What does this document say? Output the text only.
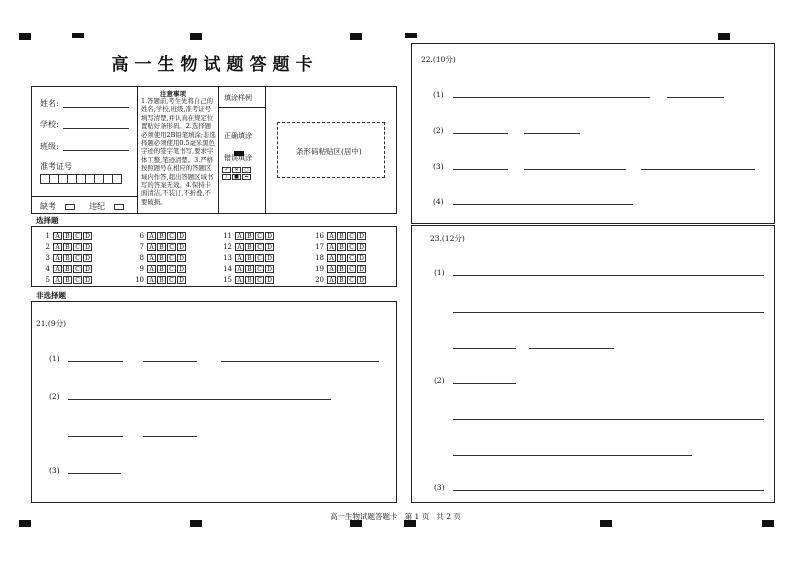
高一生物试题答题卡
姓名:
学校:
班级:
准考证号
缺考	违纪
注意事项
1.答题前,考生先将自己的姓名,学校,班级,准考证号填写清楚,并认真在规定位置贴好条形码。2.选择题必须使用2B铅笔填涂;非选择题必须使用0.5毫米黑色字迹的签字笔书写,要求字体工整,笔迹清楚。3.严格按照题号在相应的答题区域内作答,超出答题区域书写的答案无效。4.保持卡面清洁,不装订,不折叠,不要破损。
填涂样例
正确填涂
错误填涂
✓ ✕ ○
/ ■ ━
条形码粘贴区(居中)
选择题
1 A B C D
2 A B C D
3 A B C D
4 A B C D
5 A B C D
6 A B C D
7 A B C D
8 A B C D
9 A B C D
10 A B C D
11 A B C D
12 A B C D
13 A B C D
14 A B C D
15 A B C D
16 A B C D
17 A B C D
18 A B C D
19 A B C D
20 A B C D
非选择题
21.(9分)
(1)
(2)
(3)
22.(10分)
(1)
(2)
(3)
(4)
23.(12分)
(1)
(2)
(3)
高一生物试题答题卡   第 1 页   共 2 页
